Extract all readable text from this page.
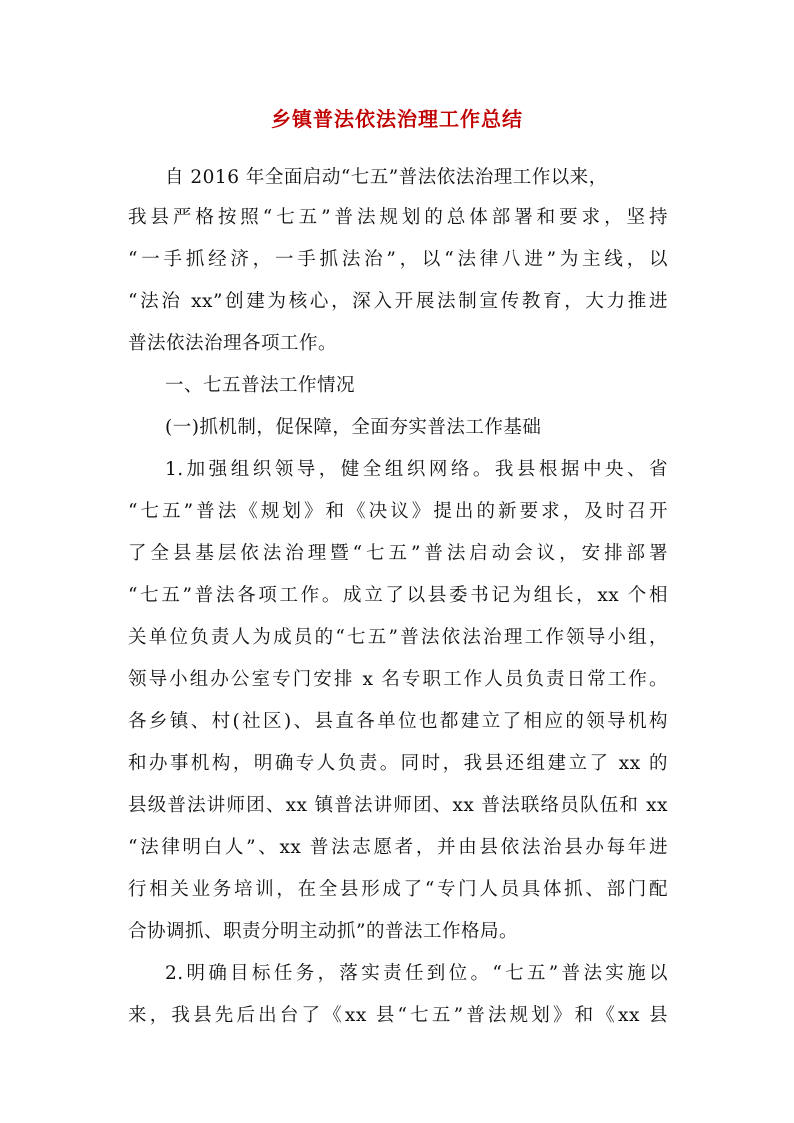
乡镇普法依法治理工作总结
自 2016 年全面启动“七五”普法依法治理工作以来，
我县严格按照“七五”普法规划的总体部署和要求，坚持
“一手抓经济，一手抓法治”，以“法律八进”为主线，以
“法治 xx”创建为核心，深入开展法制宣传教育，大力推进
普法依法治理各项工作。
一、七五普法工作情况
(一)抓机制，促保障，全面夯实普法工作基础
1.加强组织领导，健全组织网络。我县根据中央、省
“七五”普法《规划》和《决议》提出的新要求，及时召开
了全县基层依法治理暨“七五”普法启动会议，安排部署
“七五”普法各项工作。成立了以县委书记为组长，xx 个相
关单位负责人为成员的“七五”普法依法治理工作领导小组，
领导小组办公室专门安排 x 名专职工作人员负责日常工作。
各乡镇、村(社区)、县直各单位也都建立了相应的领导机构
和办事机构，明确专人负责。同时，我县还组建立了 xx 的
县级普法讲师团、xx 镇普法讲师团、xx 普法联络员队伍和 xx
“法律明白人”、xx 普法志愿者，并由县依法治县办每年进
行相关业务培训，在全县形成了“专门人员具体抓、部门配
合协调抓、职责分明主动抓”的普法工作格局。
2.明确目标任务，落实责任到位。“七五”普法实施以
来，我县先后出台了《xx 县“七五”普法规划》和《xx 县
